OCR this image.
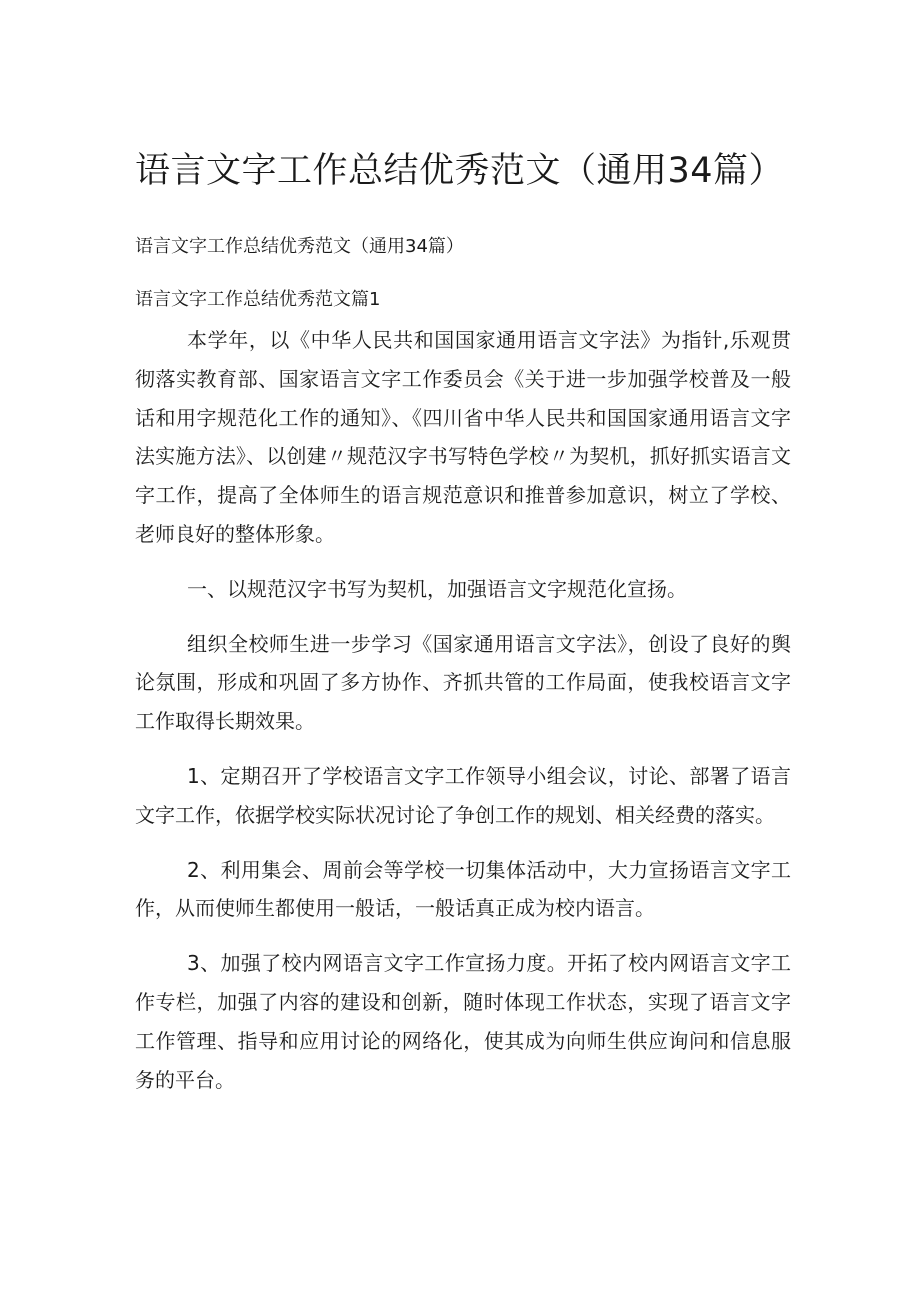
语言文字工作总结优秀范文（通用34篇）

语言文字工作总结优秀范文（通用34篇）

语言文字工作总结优秀范文篇1

本学年，以《中华人民共和国国家通用语言文字法》为指针,乐观贯彻落实教育部、国家语言文字工作委员会《关于进一步加强学校普及一般话和用字规范化工作的通知》、《四川省中华人民共和国国家通用语言文字法实施方法》、以创建〃规范汉字书写特色学校〃为契机，抓好抓实语言文字工作，提高了全体师生的语言规范意识和推普参加意识，树立了学校、老师良好的整体形象。

一、以规范汉字书写为契机，加强语言文字规范化宣扬。

组织全校师生进一步学习《国家通用语言文字法》，创设了良好的舆论氛围，形成和巩固了多方协作、齐抓共管的工作局面，使我校语言文字工作取得长期效果。

1、定期召开了学校语言文字工作领导小组会议，讨论、部署了语言文字工作，依据学校实际状况讨论了争创工作的规划、相关经费的落实。

2、利用集会、周前会等学校一切集体活动中，大力宣扬语言文字工作，从而使师生都使用一般话，一般话真正成为校内语言。

3、加强了校内网语言文字工作宣扬力度。开拓了校内网语言文字工作专栏，加强了内容的建设和创新，随时体现工作状态，实现了语言文字工作管理、指导和应用讨论的网络化，使其成为向师生供应询问和信息服务的平台。
